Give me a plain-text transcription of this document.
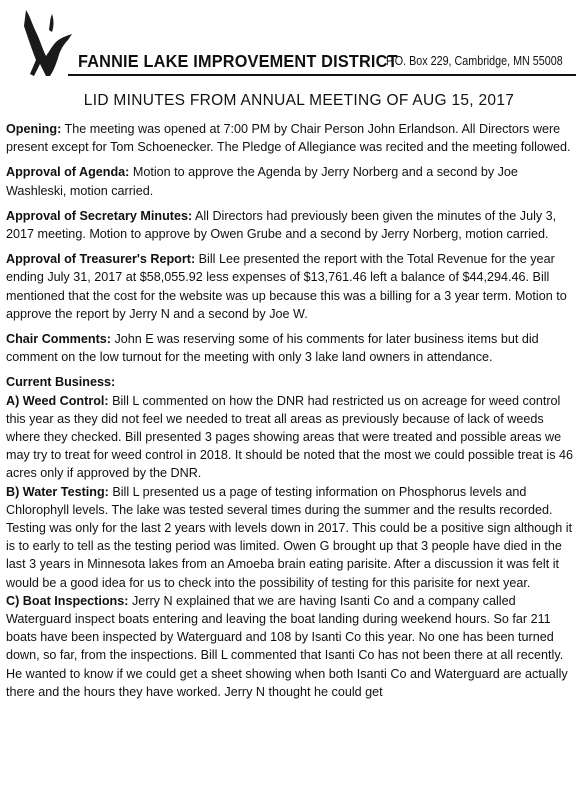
FANNIE LAKE IMPROVEMENT DISTRICT
P.O. Box 229, Cambridge, MN 55008
LID MINUTES FROM ANNUAL MEETING OF AUG 15, 2017

Opening: The meeting was opened at 7:00 PM by Chair Person John Erlandson. All Directors were present except for Tom Schoenecker. The Pledge of Allegiance was recited and the meeting followed.

Approval of Agenda: Motion to approve the Agenda by Jerry Norberg and a second by Joe Washleski, motion carried.

Approval of Secretary Minutes: All Directors had previously been given the minutes of the July 3, 2017 meeting. Motion to approve by Owen Grube and a second by Jerry Norberg, motion carried.

Approval of Treasurer's Report: Bill Lee presented the report with the Total Revenue for the year ending July 31, 2017 at $58,055.92 less expenses of $13,761.46 left a balance of $44,294.46. Bill mentioned that the cost for the website was up because this was a billing for a 3 year term. Motion to approve the report by Jerry N and a second by Joe W.

Chair Comments: John E was reserving some of his comments for later business items but did comment on the low turnout for the meeting with only 3 lake land owners in attendance.

Current Business:

A) Weed Control: Bill L commented on how the DNR had restricted us on acreage for weed control this year as they did not feel we needed to treat all areas as previously because of lack of weeds where they checked. Bill presented 3 pages showing areas that were treated and possible areas we may try to treat for weed control in 2018. It should be noted that the most we could possible treat is 46 acres only if approved by the DNR.

B) Water Testing: Bill L presented us a page of testing information on Phosphorus levels and Chlorophyll levels. The lake was tested several times during the summer and the results recorded. Testing was only for the last 2 years with levels down in 2017. This could be a positive sign although it is to early to tell as the testing period was limited. Owen G brought up that 3 people have died in the last 3 years in Minnesota lakes from an Amoeba brain eating parisite. After a discussion it was felt it would be a good idea for us to check into the possibility of testing for this parisite for next year.

C) Boat Inspections: Jerry N explained that we are having Isanti Co and a company called Waterguard inspect boats entering and leaving the boat landing during weekend hours. So far 211 boats have been inspected by Waterguard and 108 by Isanti Co this year. No one has been turned down, so far, from the inspections. Bill L commented that Isanti Co has not been there at all recently. He wanted to know if we could get a sheet showing when both Isanti Co and Waterguard are actually there and the hours they have worked. Jerry N thought he could get
